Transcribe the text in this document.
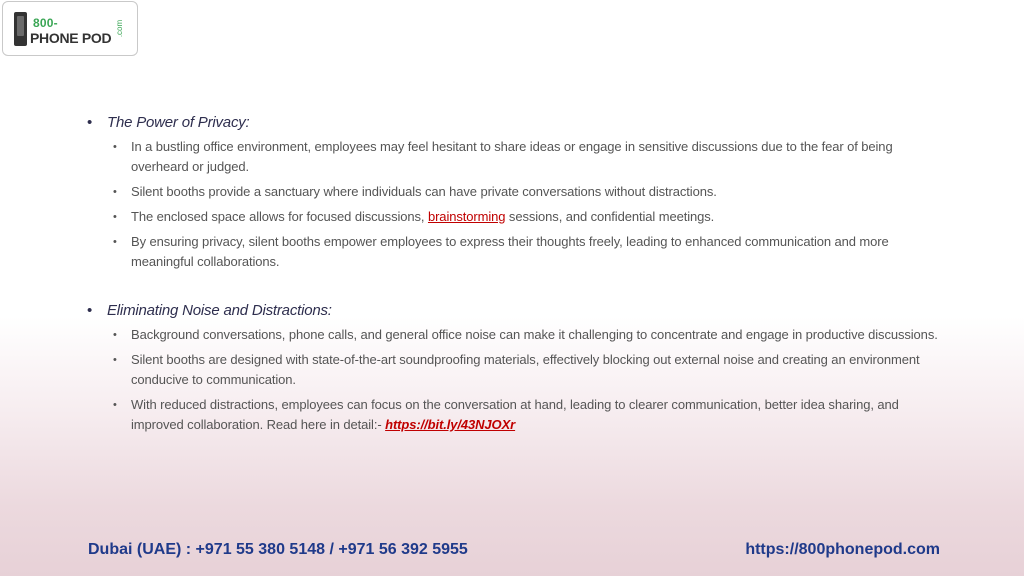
800-
PHONE POD
.com
• The Power of Privacy:
• In a bustling office environment, employees may feel hesitant to share ideas or engage in sensitive discussions due to the fear of being overheard or judged.
• Silent booths provide a sanctuary where individuals can have private conversations without distractions.
• The enclosed space allows for focused discussions, brainstorming sessions, and confidential meetings.
• By ensuring privacy, silent booths empower employees to express their thoughts freely, leading to enhanced communication and more meaningful collaborations.
• Eliminating Noise and Distractions:
• Background conversations, phone calls, and general office noise can make it challenging to concentrate and engage in productive discussions.
• Silent booths are designed with state-of-the-art soundproofing materials, effectively blocking out external noise and creating an environment conducive to communication.
• With reduced distractions, employees can focus on the conversation at hand, leading to clearer communication, better idea sharing, and improved collaboration. Read here in detail:- https://bit.ly/43NJOXr
Dubai (UAE) : +971 55 380 5148 / +971 56 392 5955	https://800phonepod.com
